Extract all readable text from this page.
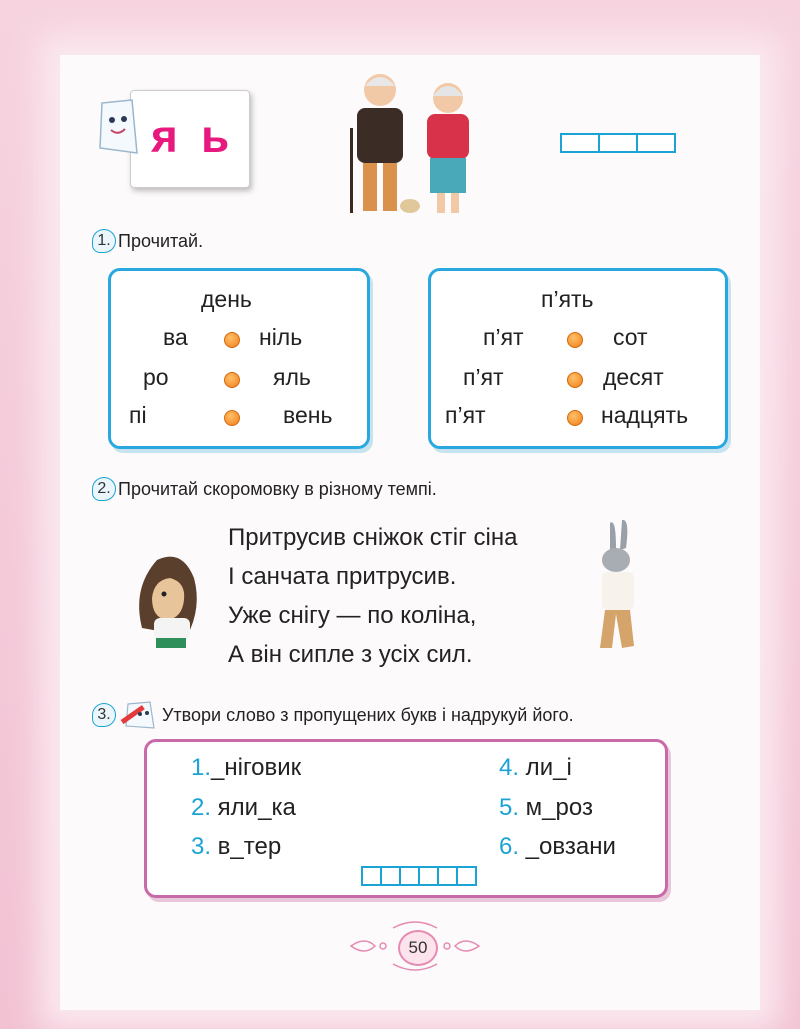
я ь
1. Прочитай.
день
ва	ніль
ро	яль
пі	вень
п’ять
п’ят	сот
п’ят	десят
п’ят	надцять
2. Прочитай скоромовку в різному темпі.
Притрусив сніжок стіг сіна
І санчата притрусив.
Уже снігу — по коліна,
А він сипле з усіх сил.
3.	Утвори слово з пропущених букв і надрукуй його.
1._ніговик
2. яли_ка
3. в_тер
4. ли_і
5. м_роз
6. _овзани
50
